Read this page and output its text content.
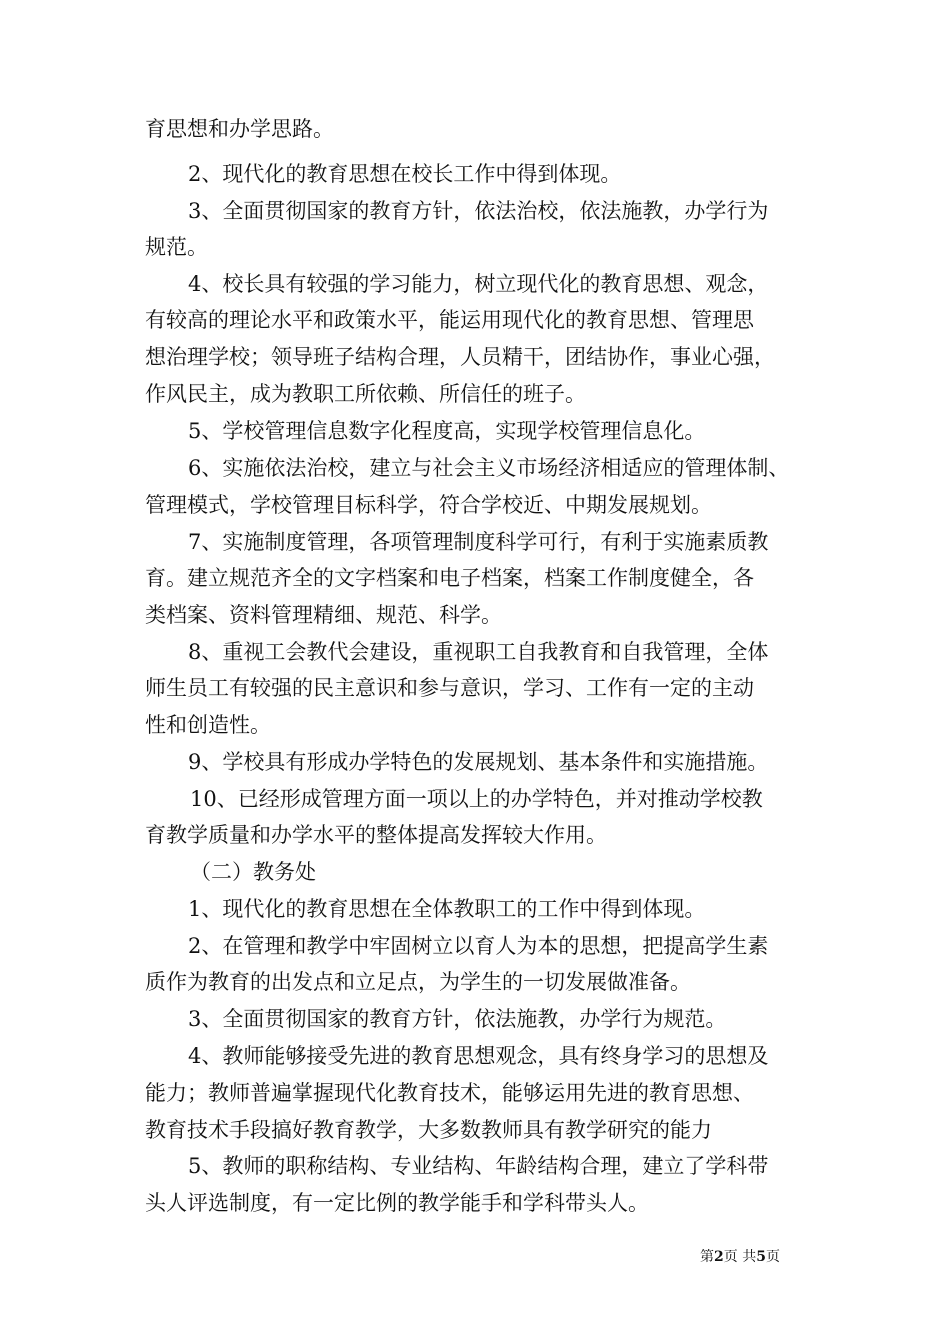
育思想和办学思路。
2、现代化的教育思想在校长工作中得到体现。
3、全面贯彻国家的教育方针，依法治校，依法施教，办学行为
规范。
4、校长具有较强的学习能力，树立现代化的教育思想、观念，
有较高的理论水平和政策水平，能运用现代化的教育思想、管理思
想治理学校；领导班子结构合理，人员精干，团结协作，事业心强，
作风民主，成为教职工所依赖、所信任的班子。
5、学校管理信息数字化程度高，实现学校管理信息化。
6、实施依法治校，建立与社会主义市场经济相适应的管理体制、
管理模式，学校管理目标科学，符合学校近、中期发展规划。
7、实施制度管理，各项管理制度科学可行，有利于实施素质教
育。建立规范齐全的文字档案和电子档案，档案工作制度健全，各
类档案、资料管理精细、规范、科学。
8、重视工会教代会建设，重视职工自我教育和自我管理，全体
师生员工有较强的民主意识和参与意识，学习、工作有一定的主动
性和创造性。
9、学校具有形成办学特色的发展规划、基本条件和实施措施。
10、已经形成管理方面一项以上的办学特色，并对推动学校教
育教学质量和办学水平的整体提高发挥较大作用。
（二）教务处
1、现代化的教育思想在全体教职工的工作中得到体现。
2、在管理和教学中牢固树立以育人为本的思想，把提高学生素
质作为教育的出发点和立足点，为学生的一切发展做准备。
3、全面贯彻国家的教育方针，依法施教，办学行为规范。
4、教师能够接受先进的教育思想观念，具有终身学习的思想及
能力；教师普遍掌握现代化教育技术，能够运用先进的教育思想、
教育技术手段搞好教育教学，大多数教师具有教学研究的能力
5、教师的职称结构、专业结构、年龄结构合理，建立了学科带
头人评选制度，有一定比例的教学能手和学科带头人。
第2页 共5页
